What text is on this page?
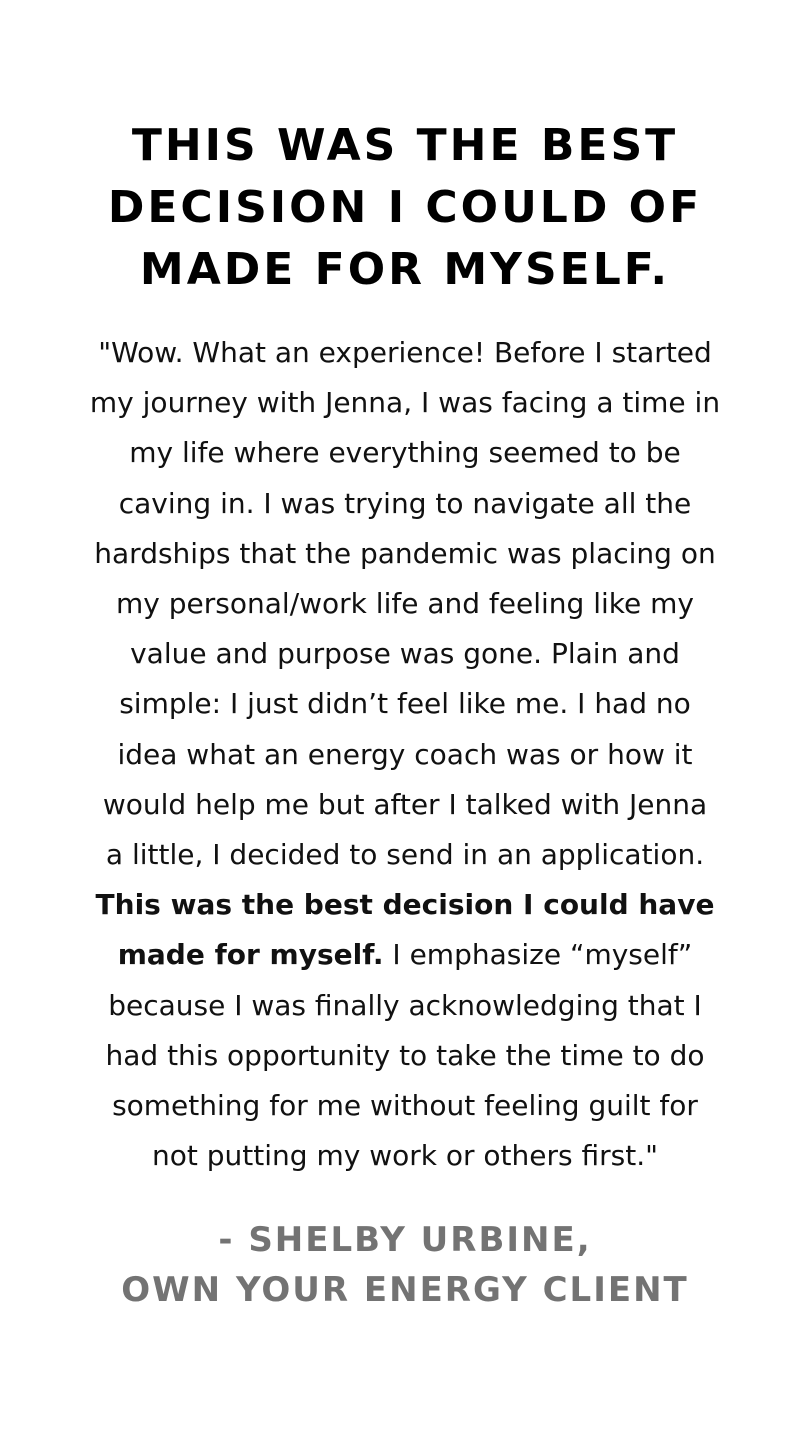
THIS WAS THE BEST
DECISION I COULD OF
MADE FOR MYSELF.
"Wow. What an experience! Before I started
my journey with Jenna, I was facing a time in
my life where everything seemed to be
caving in. I was trying to navigate all the
hardships that the pandemic was placing on
my personal/work life and feeling like my
value and purpose was gone. Plain and
simple: I just didn’t feel like me. I had no
idea what an energy coach was or how it
would help me but after I talked with Jenna
a little, I decided to send in an application.
This was the best decision I could have
made for myself. I emphasize “myself”
because I was finally acknowledging that I
had this opportunity to take the time to do
something for me without feeling guilt for
not putting my work or others first."
- SHELBY URBINE,
OWN YOUR ENERGY CLIENT
